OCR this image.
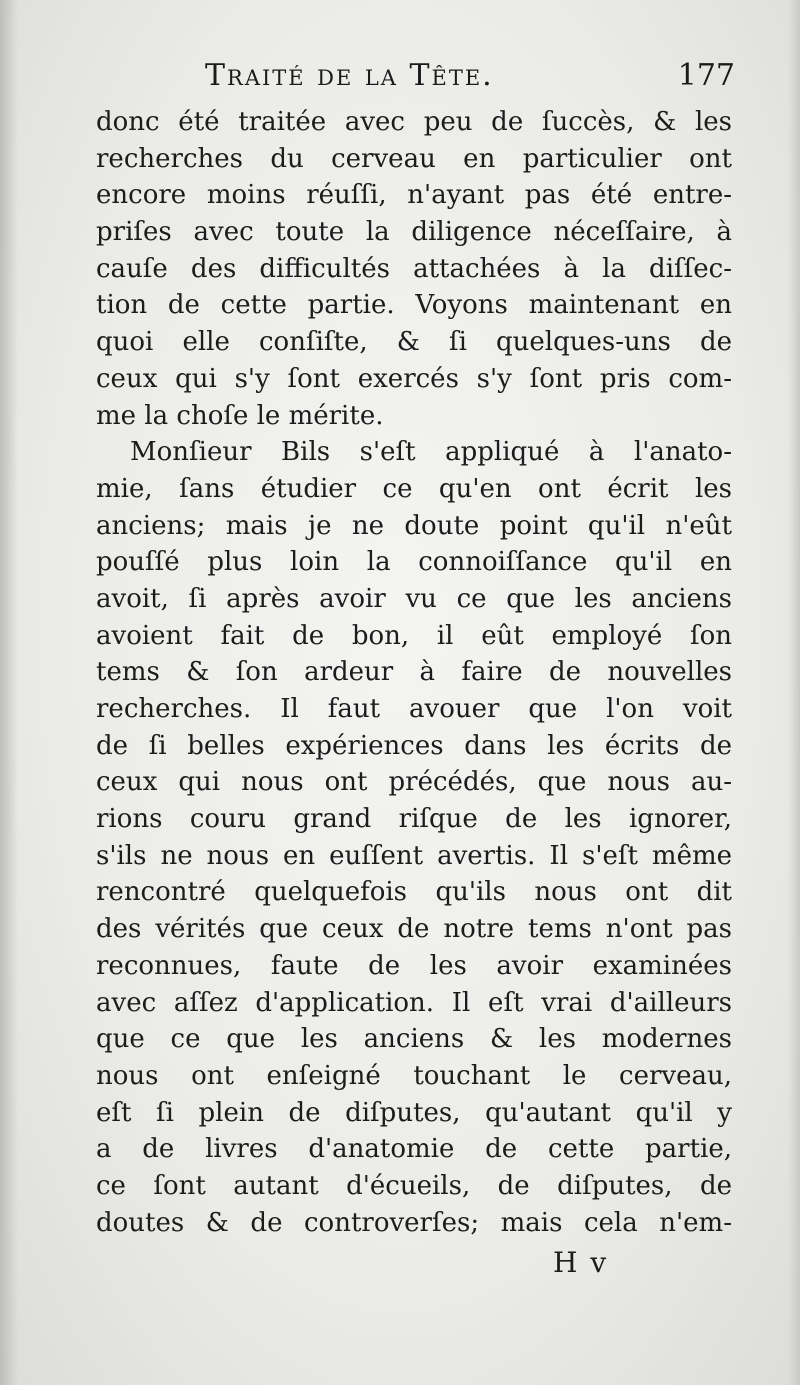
Traité de la Tête.	177
donc été traitée avec peu de ſuccès, & les
recherches du cerveau en particulier ont
encore moins réuſſi, n'ayant pas été entre-
priſes avec toute la diligence néceſſaire, à
cauſe des difficultés attachées à la diſſec-
tion de cette partie. Voyons maintenant en
quoi elle conſiſte, & ſi quelques-uns de
ceux qui s'y ſont exercés s'y ſont pris com-
me la choſe le mérite.
Monſieur Bils s'eſt appliqué à l'anato-
mie, ſans étudier ce qu'en ont écrit les
anciens; mais je ne doute point qu'il n'eût
pouſſé plus loin la connoiſſance qu'il en
avoit, ſi après avoir vu ce que les anciens
avoient fait de bon, il eût employé ſon
tems & ſon ardeur à faire de nouvelles
recherches. Il faut avouer que l'on voit
de ſi belles expériences dans les écrits de
ceux qui nous ont précédés, que nous au-
rions couru grand riſque de les ignorer,
s'ils ne nous en euſſent avertis. Il s'eſt même
rencontré quelquefois qu'ils nous ont dit
des vérités que ceux de notre tems n'ont pas
reconnues, faute de les avoir examinées
avec aſſez d'application. Il eſt vrai d'ailleurs
que ce que les anciens & les modernes
nous ont enſeigné touchant le cerveau,
eſt ſi plein de diſputes, qu'autant qu'il y
a de livres d'anatomie de cette partie,
ce ſont autant d'écueils, de diſputes, de
doutes & de controverſes; mais cela n'em-
H v
